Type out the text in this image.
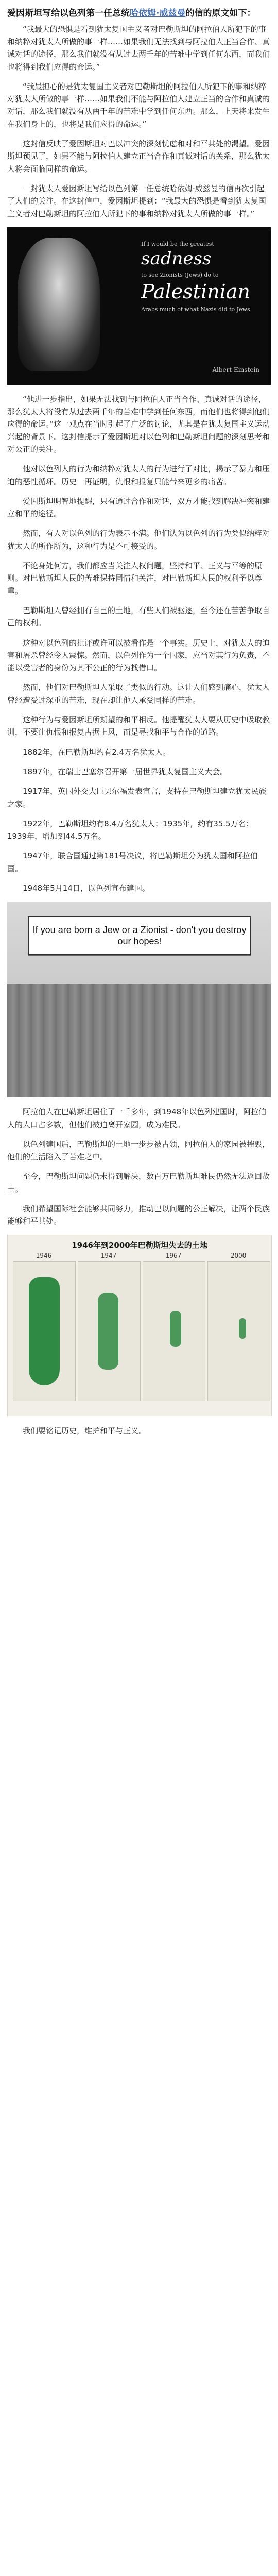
爱因斯坦写给以色列第一任总统哈依姆·威兹曼的信的原文如下：

“我最大的恐惧是看到犹太复国主义者对巴勒斯坦的阿拉伯人所犯下的事和纳粹对犹太人所做的事一样……如果我们无法找到与阿拉伯人正当合作、真诚对话的途径，那么我们就没有从过去两千年的苦难中学到任何东西，而我们也将得到我们应得的命运。”

“我最担心的是犹太复国主义者对巴勒斯坦的阿拉伯人所犯下的事和纳粹对犹太人所做的事一样……如果我们不能与阿拉伯人建立正当的合作和真诚的对话，那么我们就没有从两千年的苦难中学到任何东西。那么，上天将来发生在我们身上的，也将是我们应得的命运。”

这封信反映了爱因斯坦对巴以冲突的深刻忧虑和对和平共处的渴望。爱因斯坦预见了，如果不能与阿拉伯人建立正当合作和真诚对话的关系，那么犹太人将会面临同样的命运。

一封犹太人爱因斯坦写给以色列第一任总统哈依姆·威兹曼的信再次引起了人们的关注。在这封信中，爱因斯坦提到：“我最大的恐惧是看到犹太复国主义者对巴勒斯坦的阿拉伯人所犯下的事和纳粹对犹太人所做的事一样。”

If I would be the greatest

sadness

to see Zionists (Jews) do to

Palestinian

Arabs much of what Nazis did to Jews.

Albert Einstein

“他进一步指出，如果无法找到与阿拉伯人正当合作、真诚对话的途径，那么犹太人将没有从过去两千年的苦难中学到任何东西，而他们也将得到他们应得的命运。”这一观点在当时引起了广泛的讨论，尤其是在犹太复国主义运动兴起的背景下。这封信提示了爱因斯坦对以色列和巴勒斯坦问题的深刻思考和对公正的关注。

他对以色列人的行为和纳粹对犹太人的行为进行了对比，揭示了暴力和压迫的恶性循环。历史一再证明，仇恨和报复只能带来更多的痛苦。

爱因斯坦明智地提醒，只有通过合作和对话，双方才能找到解决冲突和建立和平的途径。

然而，有人对以色列的行为表示不满。他们认为以色列的行为类似纳粹对犹太人的所作所为，这种行为是不可接受的。

不论身处何方，我们都应当关注人权问题，坚持和平、正义与平等的原则。对巴勒斯坦人民的苦难保持同情和关注，对巴勒斯坦人民的权利予以尊重。

巴勒斯坦人曾经拥有自己的土地，有些人们被驱逐，至今还在苦苦争取自己的权利。

这种对以色列的批评或许可以被看作是一个事实。历史上，对犹太人的迫害和屠杀曾经令人震惊。然而，以色列作为一个国家，应当对其行为负责，不能以受害者的身份为其不公正的行为找借口。

然而，他们对巴勒斯坦人采取了类似的行动。这让人们感到痛心，犹太人曾经遭受过深重的苦难，现在却让他人承受同样的苦难。

这种行为与爱因斯坦所期望的和平相反。他提醒犹太人要从历史中吸取教训，不要让仇恨和报复占据上风，而是寻找和平与合作的道路。

1882年，在巴勒斯坦约有2.4万名犹太人。

1897年，在瑞士巴塞尔召开第一届世界犹太复国主义大会。

1917年，英国外交大臣贝尔福发表宣言，支持在巴勒斯坦建立犹太民族之家。

1922年，巴勒斯坦约有8.4万名犹太人；1935年，约有35.5万名；1939年，增加到44.5万名。

1947年，联合国通过第181号决议，将巴勒斯坦分为犹太国和阿拉伯国。

1948年5月14日，以色列宣布建国。

If you are born a Jew or a Zionist - don't you destroy our hopes!

阿拉伯人在巴勒斯坦居住了一千多年，到1948年以色列建国时，阿拉伯人的人口占多数，但他们被迫离开家园，成为难民。

以色列建国后，巴勒斯坦的土地一步步被占领，阿拉伯人的家园被摧毁，他们的生活陷入了苦难之中。

至今，巴勒斯坦问题仍未得到解决，数百万巴勒斯坦难民仍然无法返回故土。

我们希望国际社会能够共同努力，推动巴以问题的公正解决，让两个民族能够和平共处。

1946年到2000年巴勒斯坦失去的土地
1946	1947	1967	2000

我们要铭记历史，维护和平与正义。
